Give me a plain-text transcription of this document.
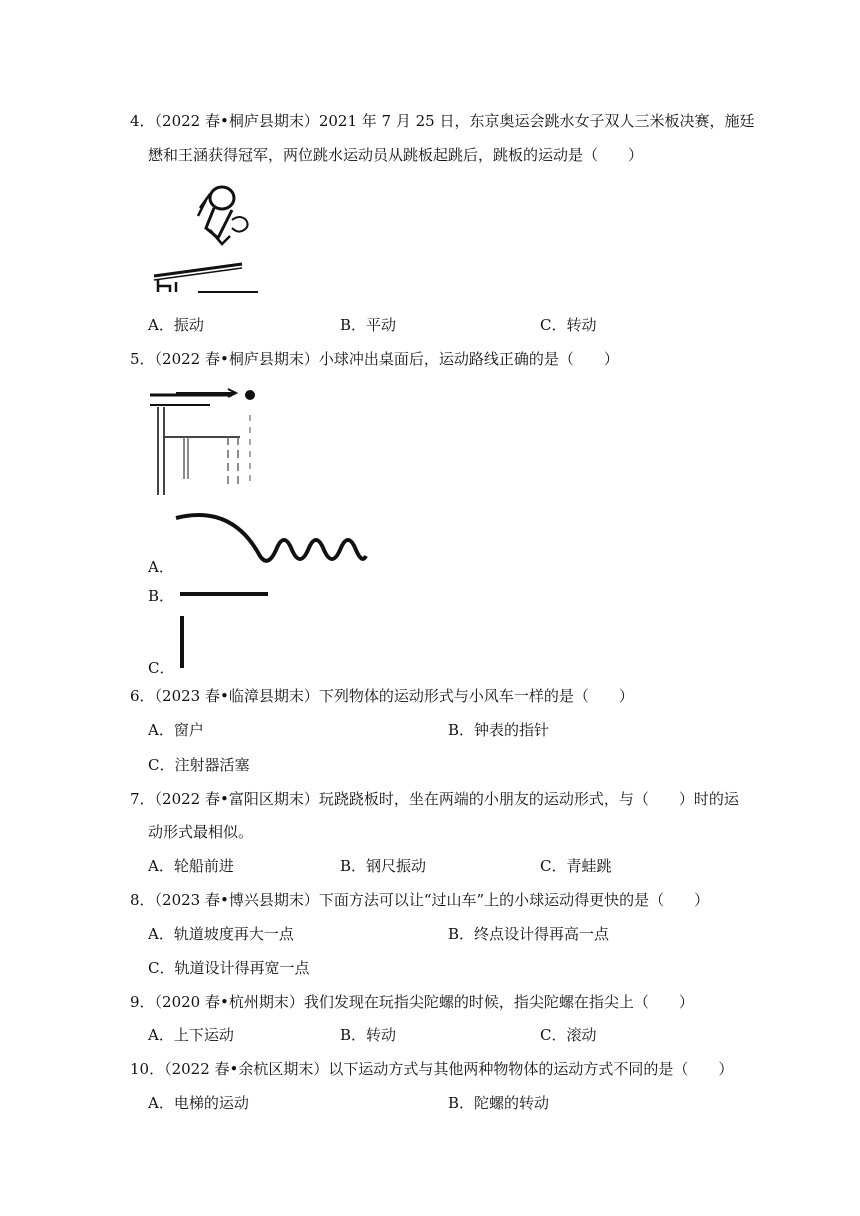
4．（2022 春•桐庐县期末）2021 年 7 月 25 日，东京奥运会跳水女子双人三米板决赛，施廷
懋和王涵获得冠军，两位跳水运动员从跳板起跳后，跳板的运动是（　　）
A．振动	B．平动	C．转动
5．（2022 春•桐庐县期末）小球冲出桌面后，运动路线正确的是（　　）
A．
B．
C．
6．（2023 春•临漳县期末）下列物体的运动形式与小风车一样的是（　　）
A．窗户	B．钟表的指针
C．注射器活塞
7．（2022 春•富阳区期末）玩跷跷板时，坐在两端的小朋友的运动形式，与（　　）时的运
动形式最相似。
A．轮船前进	B．钢尺振动	C．青蛙跳
8．（2023 春•博兴县期末）下面方法可以让“过山车”上的小球运动得更快的是（　　）
A．轨道坡度再大一点	B．终点设计得再高一点
C．轨道设计得再宽一点
9．（2020 春•杭州期末）我们发现在玩指尖陀螺的时候，指尖陀螺在指尖上（　　）
A．上下运动	B．转动	C．滚动
10．（2022 春•余杭区期末）以下运动方式与其他两种物物体的运动方式不同的是（　　）
A．电梯的运动	B．陀螺的转动
